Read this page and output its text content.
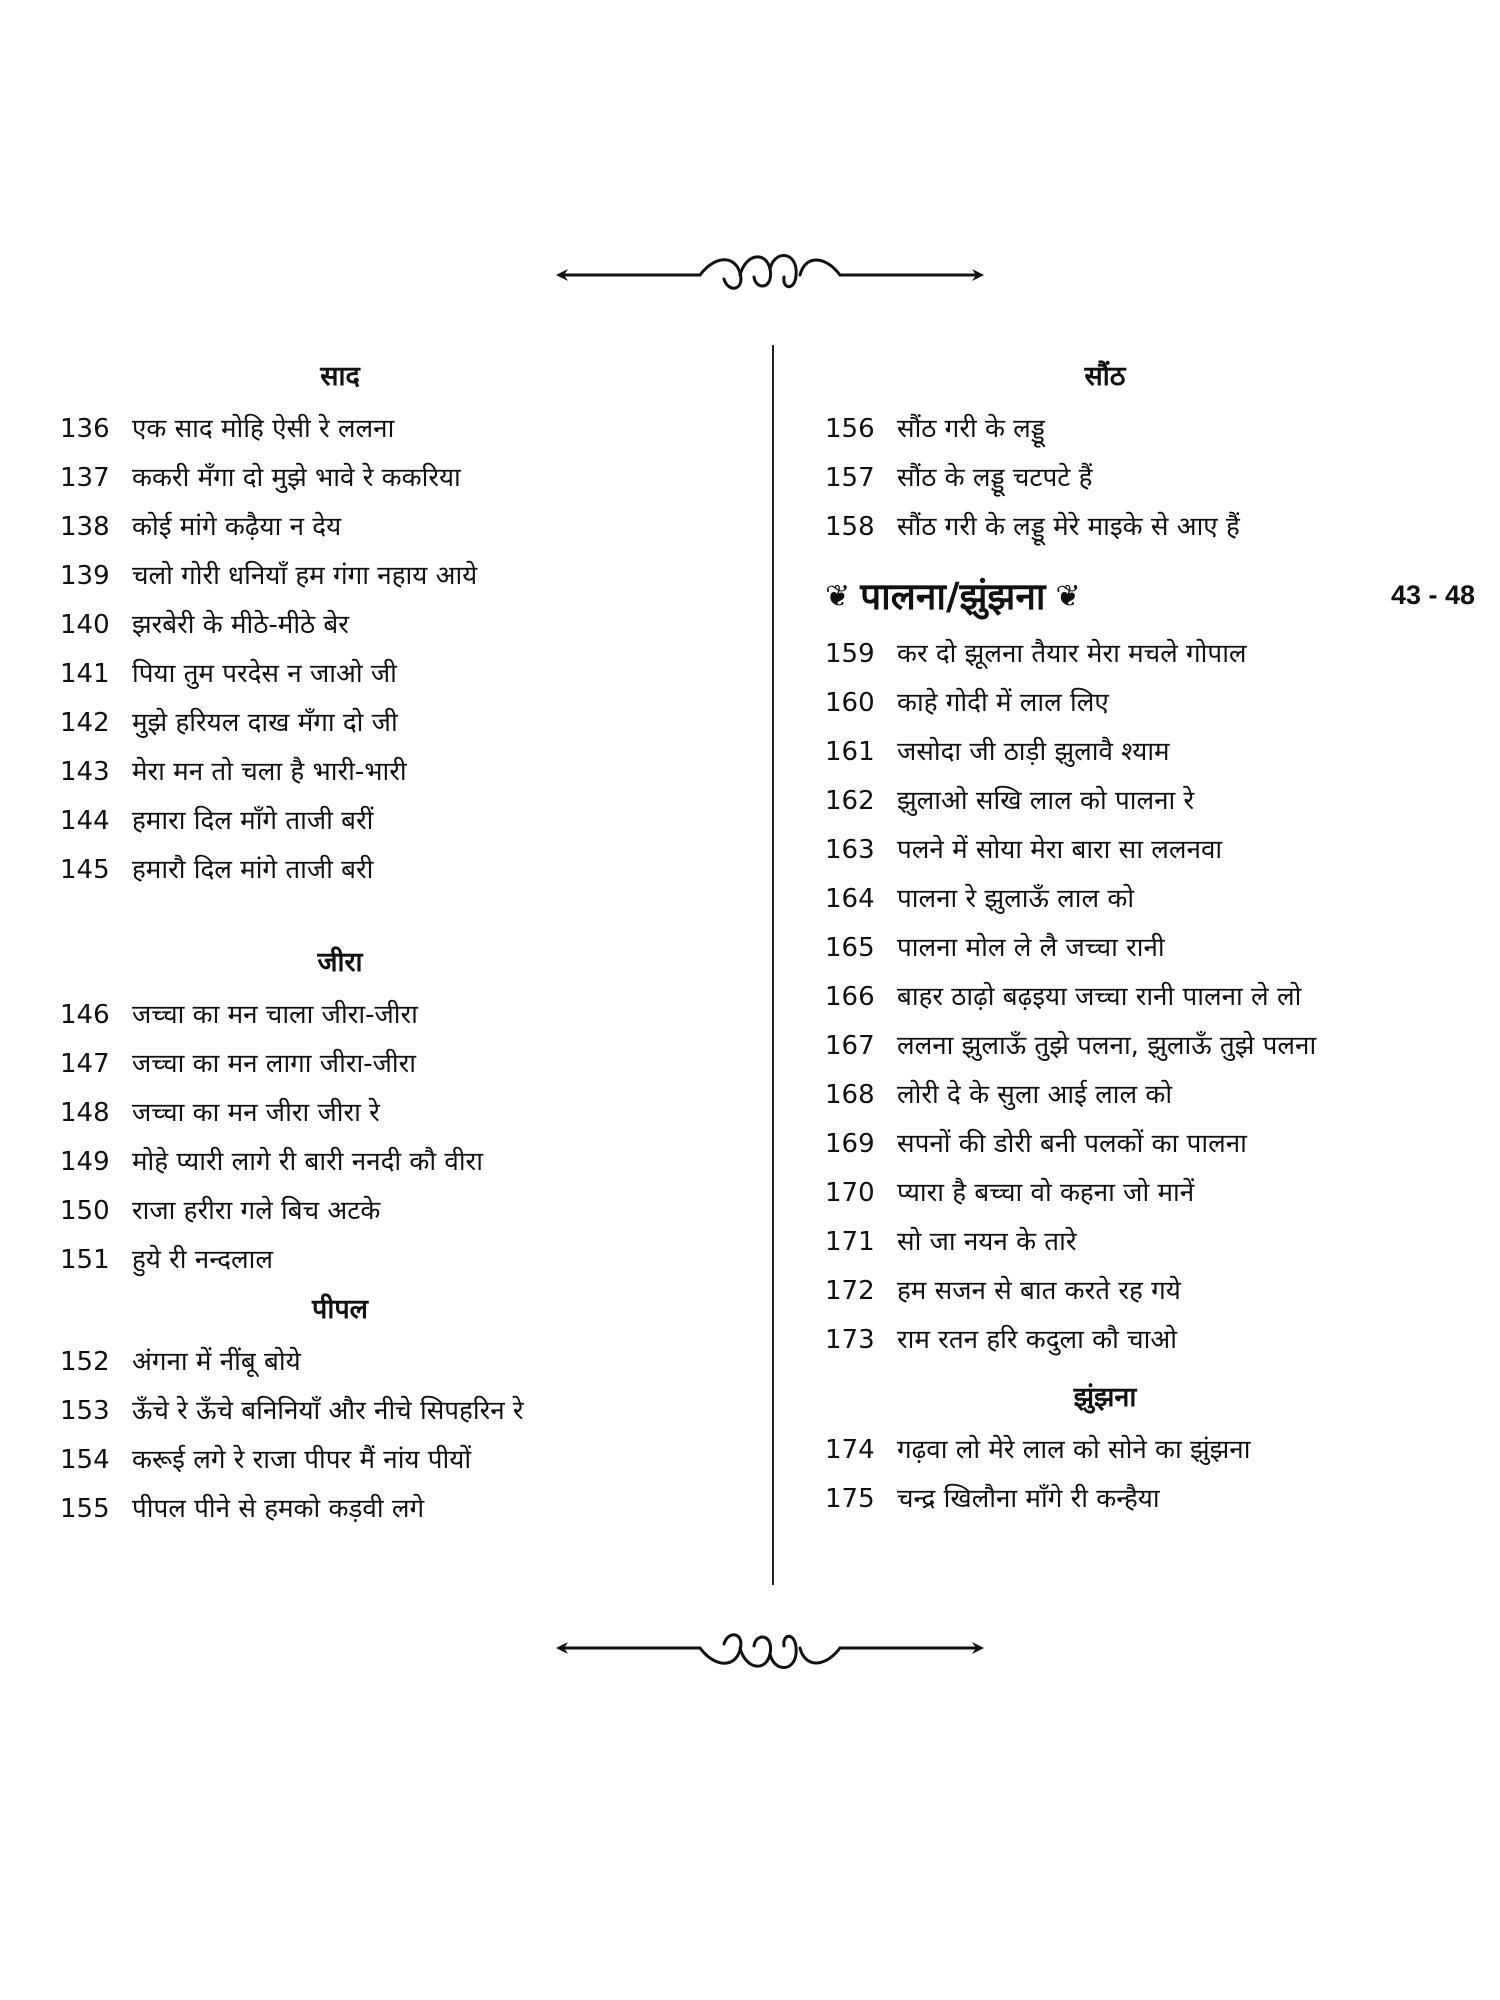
साद
136 एक साद मोहि ऐसी रे ललना
137 ककरी मँगा दो मुझे भावे रे ककरिया
138 कोई मांगे कढ़ैया न देय
139 चलो गोरी धनियाँ हम गंगा नहाय आये
140 झरबेरी के मीठे-मीठे बेर
141 पिया तुम परदेस न जाओ जी
142 मुझे हरियल दाख मँगा दो जी
143 मेरा मन तो चला है भारी-भारी
144 हमारा दिल माँगे ताजी बरीं
145 हमारौ दिल मांगे ताजी बरी
जीरा
146 जच्चा का मन चाला जीरा-जीरा
147 जच्चा का मन लागा जीरा-जीरा
148 जच्चा का मन जीरा जीरा रे
149 मोहे प्यारी लागे री बारी ननदी कौ वीरा
150 राजा हरीरा गले बिच अटके
151 हुये री नन्दलाल
पीपल
152 अंगना में नींबू बोये
153 ऊँचे रे ऊँचे बनिनियाँ और नीचे सिपहरिन रे
154 करूई लगे रे राजा पीपर मैं नांय पीयों
155 पीपल पीने से हमको कड़वी लगे
सौंठ
156 सौंठ गरी के लड्डू
157 सौंठ के लड्डू चटपटे हैं
158 सौंठ गरी के लड्डू मेरे माइके से आए हैं
❦ पालना/झुंझना ❦	43 - 48
159 कर दो झूलना तैयार मेरा मचले गोपाल
160 काहे गोदी में लाल लिए
161 जसोदा जी ठाड़ी झुलावै श्याम
162 झुलाओ सखि लाल को पालना रे
163 पलने में सोया मेरा बारा सा ललनवा
164 पालना रे झुलाऊँ लाल को
165 पालना मोल ले लै जच्चा रानी
166 बाहर ठाढ़ो बढ़इया जच्चा रानी पालना ले लो
167 ललना झुलाऊँ तुझे पलना, झुलाऊँ तुझे पलना
168 लोरी दे के सुला आई लाल को
169 सपनों की डोरी बनी पलकों का पालना
170 प्यारा है बच्चा वो कहना जो मानें
171 सो जा नयन के तारे
172 हम सजन से बात करते रह गये
173 राम रतन हरि कदुला कौ चाओ
झुंझना
174 गढ़वा लो मेरे लाल को सोने का झुंझना
175 चन्द्र खिलौना माँगे री कन्हैया
